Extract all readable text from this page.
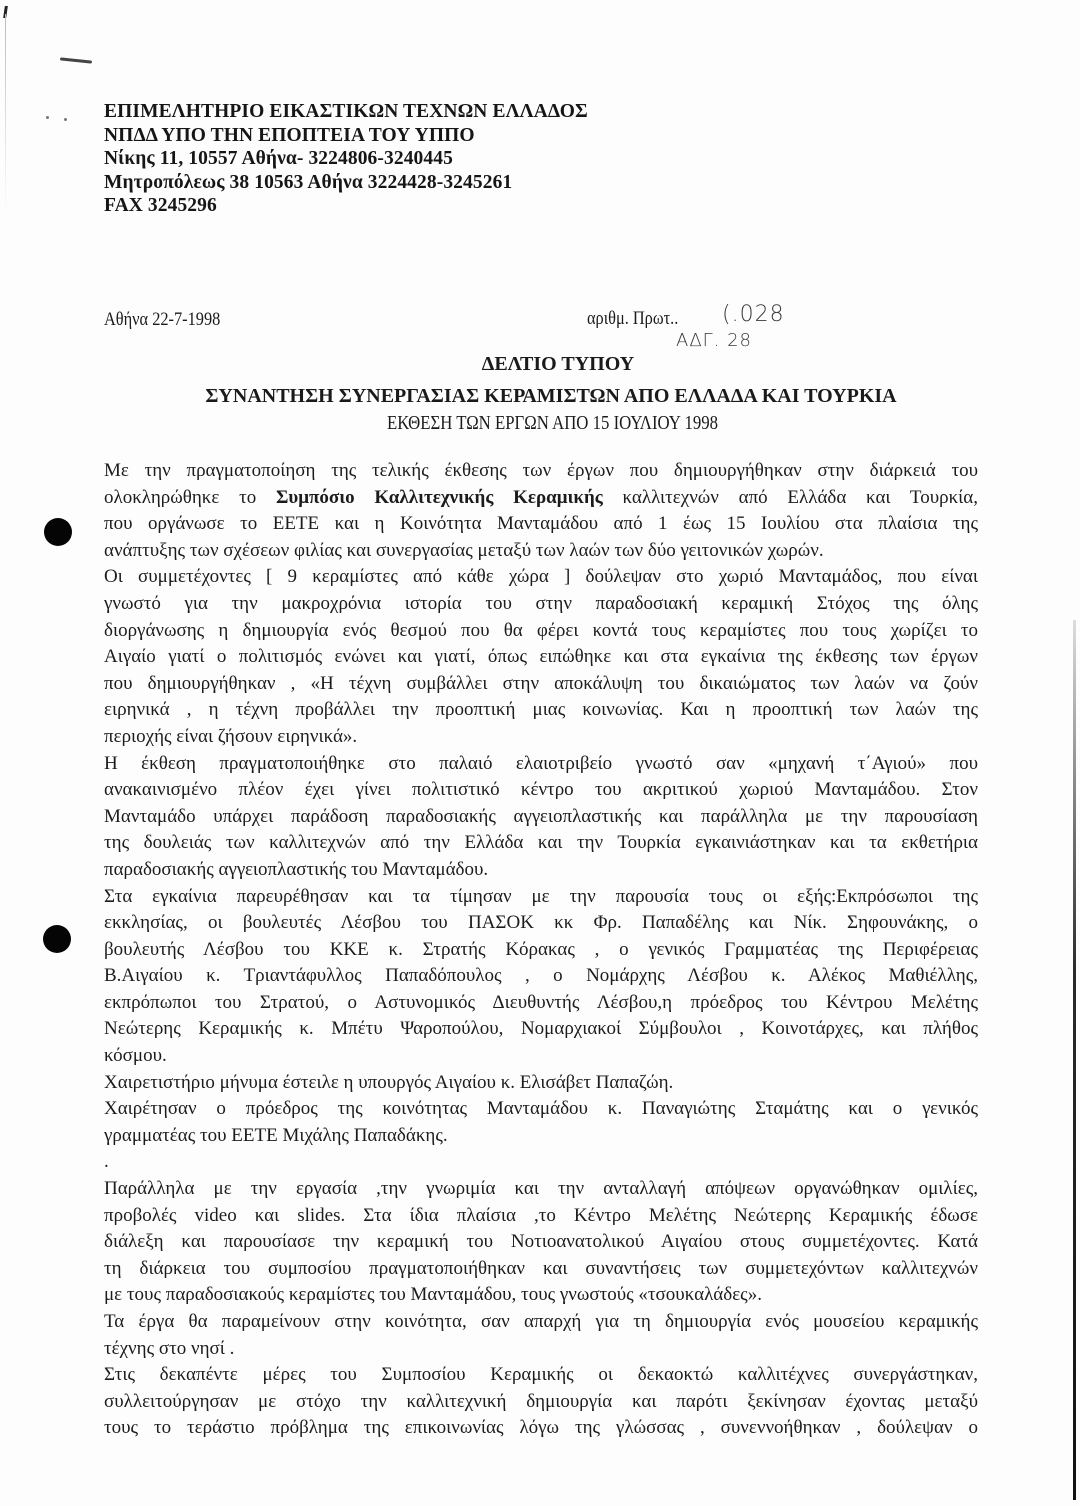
ΕΠΙΜΕΛΗΤΗΡΙΟ ΕΙΚΑΣΤΙΚΩΝ ΤΕΧΝΩΝ ΕΛΛΑΔΟΣ
ΝΠΔΔ ΥΠΟ ΤΗΝ ΕΠΟΠΤΕΙΑ ΤΟΥ ΥΠΠΟ
Νίκης 11, 10557 Αθήνα- 3224806-3240445
Μητροπόλεως 38 10563 Αθήνα 3224428-3245261
FAX 3245296
Αθήνα 22-7-1998	αριθμ. Πρωτ..	(.028
ΑΔΓ. 28
ΔΕΛΤΙΟ ΤΥΠΟΥ
ΣΥΝΑΝΤΗΣΗ ΣΥΝΕΡΓΑΣΙΑΣ ΚΕΡΑΜΙΣΤΩΝ ΑΠΟ ΕΛΛΑΔΑ ΚΑΙ ΤΟΥΡΚΙΑ
ΕΚΘΕΣΗ ΤΩΝ ΕΡΓΩΝ ΑΠΟ 15 ΙΟΥΛΙΟΥ 1998
Με την πραγματοποίηση της τελικής έκθεσης των έργων που δημιουργήθηκαν στην διάρκειά του
ολοκληρώθηκε το Συμπόσιο Καλλιτεχνικής Κεραμικής καλλιτεχνών από Ελλάδα και Τουρκία,
που οργάνωσε το ΕΕΤΕ και η Κοινότητα Μανταμάδου από 1 έως 15 Ιουλίου στα πλαίσια της
ανάπτυξης των σχέσεων φιλίας και συνεργασίας μεταξύ των λαών των δύο γειτονικών χωρών.
Οι συμμετέχοντες [ 9 κεραμίστες από κάθε χώρα ] δούλεψαν στο χωριό Μανταμάδος, που είναι
γνωστό για την μακροχρόνια ιστορία του στην παραδοσιακή κεραμική Στόχος της όλης
διοργάνωσης η δημιουργία ενός θεσμού που θα φέρει κοντά τους κεραμίστες που τους χωρίζει το
Αιγαίο γιατί ο πολιτισμός ενώνει και γιατί, όπως ειπώθηκε και στα εγκαίνια της έκθεσης των έργων
που δημιουργήθηκαν , «Η τέχνη συμβάλλει στην αποκάλυψη του δικαιώματος των λαών να ζούν
ειρηνικά , η τέχνη προβάλλει την προοπτική μιας κοινωνίας. Και η προοπτική των λαών της
περιοχής είναι ζήσουν ειρηνικά».
Η έκθεση πραγματοποιήθηκε στο παλαιό ελαιοτριβείο γνωστό σαν «μηχανή τ΄Αγιού» που
ανακαινισμένο πλέον έχει γίνει πολιτιστικό κέντρο του ακριτικού χωριού Μανταμάδου. Στον
Μανταμάδο υπάρχει παράδοση παραδοσιακής αγγειοπλαστικής και παράλληλα με την παρουσίαση
της δουλειάς των καλλιτεχνών από την Ελλάδα και την Τουρκία εγκαινιάστηκαν και τα εκθετήρια
παραδοσιακής αγγειοπλαστικής του Μανταμάδου.
Στα εγκαίνια παρευρέθησαν και τα τίμησαν με την παρουσία τους οι εξής:Εκπρόσωποι της
εκκλησίας, οι βουλευτές Λέσβου του ΠΑΣΟΚ κκ Φρ. Παπαδέλης και Νίκ. Σηφουνάκης, ο
βουλευτής Λέσβου του ΚΚΕ κ. Στρατής Κόρακας , ο γενικός Γραμματέας της Περιφέρειας
Β.Αιγαίου κ. Τριαντάφυλλος Παπαδόπουλος , ο Νομάρχης Λέσβου κ. Αλέκος Μαθιέλλης,
εκπρόπωποι του Στρατού, ο Αστυνομικός Διευθυντής Λέσβου,η πρόεδρος του Κέντρου Μελέτης
Νεώτερης Κεραμικής κ. Μπέτυ Ψαροπούλου, Νομαρχιακοί Σύμβουλοι , Κοινοτάρχες, και πλήθος
κόσμου.
Χαιρετιστήριο μήνυμα έστειλε η υπουργός Αιγαίου κ. Ελισάβετ Παπαζώη.
Χαιρέτησαν ο πρόεδρος της κοινότητας Μανταμάδου κ. Παναγιώτης Σταμάτης και ο γενικός
γραμματέας του ΕΕΤΕ Μιχάλης Παπαδάκης.
.
Παράλληλα με την εργασία ,την γνωριμία και την ανταλλαγή απόψεων οργανώθηκαν ομιλίες,
προβολές video και slides. Στα ίδια πλαίσια ,το Κέντρο Μελέτης Νεώτερης Κεραμικής έδωσε
διάλεξη και παρουσίασε την κεραμική του Νοτιοανατολικού Αιγαίου στους συμμετέχοντες. Κατά
τη διάρκεια του συμποσίου πραγματοποιήθηκαν και συναντήσεις των συμμετεχόντων καλλιτεχνών
με τους παραδοσιακούς κεραμίστες του Μανταμάδου, τους γνωστούς «τσουκαλάδες».
Τα έργα θα παραμείνουν στην κοινότητα, σαν απαρχή για τη δημιουργία ενός μουσείου κεραμικής
τέχνης στο νησί .
Στις δεκαπέντε μέρες του Συμποσίου Κεραμικής οι δεκαοκτώ καλλιτέχνες συνεργάστηκαν,
συλλειτούργησαν με στόχο την καλλιτεχνική δημιουργία και παρότι ξεκίνησαν έχοντας μεταξύ
τους το τεράστιο πρόβλημα της επικοινωνίας λόγω της γλώσσας , συνεννοήθηκαν , δούλεψαν ο
